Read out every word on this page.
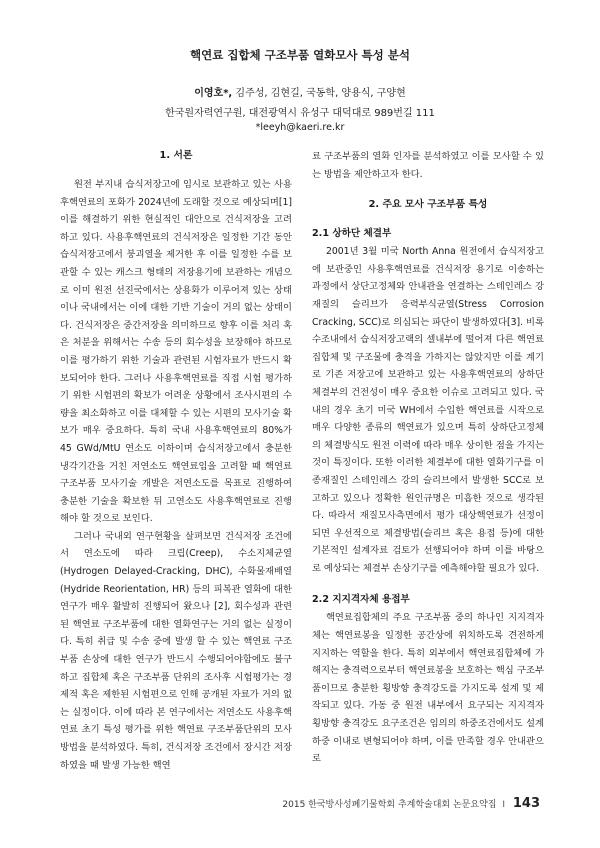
핵연료 집합체 구조부품 열화모사 특성 분석
이영호*, 김주성, 김현길, 국동학, 양용식, 구양현
한국원자력연구원, 대전광역시 유성구 대덕대로 989번길 111
*leeyh@kaeri.re.kr
1. 서론

원전 부지내 습식저장고에 임시로 보관하고 있는 사용후핵연료의 포화가 2024년에 도래할 것으로 예상되며[1] 이를 해결하기 위한 현실적인 대안으로 건식저장을 고려하고 있다. 사용후핵연료의 건식저장은 일정한 기간 동안 습식저장고에서 붕괴열을 제거한 후 이를 일정한 수를 보관할 수 있는 캐스크 형태의 저장용기에 보관하는 개념으로 이미 원전 선진국에서는 상용화가 이루어져 있는 상태이나 국내에서는 이에 대한 기반 기술이 거의 없는 상태이다. 건식저장은 중간저장을 의미하므로 향후 이를 처리 혹은 처분을 위해서는 수송 등의 회수성을 보장해야 하므로 이를 평가하기 위한 기술과 관련된 시험자료가 반드시 확보되어야 한다. 그러나 사용후핵연료를 직접 시험 평가하기 위한 시험편의 확보가 어려운 상황에서 조사시편의 수량을 최소화하고 이를 대체할 수 있는 시편의 모사기술 확보가 매우 중요하다. 특히 국내 사용후핵연료의 80%가 45 GWd/MtU 연소도 이하이며 습식저장고에서 충분한 냉각기간을 거친 저연소도 핵연료임을 고려할 때 핵연료 구조부품 모사기술 개발은 저연소도를 목표로 진행하여 충분한 기술을 확보한 뒤 고연소도 사용후핵연료로 진행해야 할 것으로 보인다.

그러나 국내외 연구현황을 살펴보면 건식저장 조건에서 연소도에 따라 크립(Creep), 수소지체균열(Hydrogen Delayed-Cracking, DHC), 수화물재배열(Hydride Reorientation, HR) 등의 피복관 열화에 대한 연구가 매우 활발히 진행되어 왔으나 [2], 회수성과 관련된 핵연료 구조부품에 대한 열화연구는 거의 없는 실정이다. 특히 취급 및 수송 중에 발생 할 수 있는 핵연료 구조부품 손상에 대한 연구가 반드시 수행되어야함에도 불구하고 집합체 혹은 구조부품 단위의 조사후 시험평가는 경제적 혹은 제한된 시험편으로 인해 공개된 자료가 거의 없는 실정이다. 이에 따라 본 연구에서는 저연소도 사용후핵연료 초기 특성 평가를 위한 핵연료 구조부품단위의 모사방법을 분석하였다. 특히, 건식저장 조건에서 장시간 저장하였을 때 발생 가능한 핵연

료 구조부품의 열화 인자를 분석하였고 이를 모사할 수 있는 방법을 제안하고자 한다.

2. 주요 모사 구조부품 특성
2.1 상하단 체결부

2001년 3월 미국 North Anna 원전에서 습식저장고에 보관중인 사용후핵연료를 건식저장 용기로 이송하는 과정에서 상단고정체와 안내관을 연결하는 스테인레스 강 재질의 슬리브가 응력부식균열(Stress Corrosion Cracking, SCC)로 의심되는 파단이 발생하였다[3]. 비록 수조내에서 습식저장고랙의 셀내부에 떨어져 다른 핵연료집합체 및 구조물에 충격을 가하지는 않았지만 이를 계기로 기존 저장고에 보관하고 있는 사용후핵연료의 상하단 체결부의 건전성이 매우 중요한 이슈로 고려되고 있다. 국내의 경우 초기 미국 WH에서 수입한 핵연료를 시작으로 매우 다양한 종류의 핵연료가 있으며 특히 상하단고정체의 체결방식도 원전 이력에 따라 매우 상이한 점을 가지는 것이 특징이다. 또한 이러한 체결부에 대한 열화기구를 이종재질인 스테인레스 강의 슬리브에서 발생한 SCC로 보고하고 있으나 정확한 원인규명은 미흡한 것으로 생각된다. 따라서 재질모사측면에서 평가 대상핵연료가 선정이 되면 우선적으로 체결방법(슬리브 혹은 용접 등)에 대한 기본적인 설계자료 검토가 선행되어야 하며 이를 바탕으로 예상되는 체결부 손상기구를 예측해야할 필요가 있다.

2.2 지지격자체 용접부

핵연료집합체의 주요 구조부품 중의 하나인 지지격자체는 핵연료봉을 일정한 공간상에 위치하도록 견전하게 지지하는 역할을 한다. 특히 외부에서 핵연료집합체에 가해지는 충격력으로부터 핵연료봉을 보호하는 핵심 구조부품이므로 충분한 횡방향 충격강도를 가지도록 설계 및 제작되고 있다. 가동 중 원전 내부에서 요구되는 지지격자 횡방향 충격강도 요구조건은 임의의 하중조건에서도 설계하중 이내로 변형되어야 하며, 이를 만족할 경우 안내관으로

2015 한국방사성폐기물학회 추계학술대회 논문요약집 I 143
